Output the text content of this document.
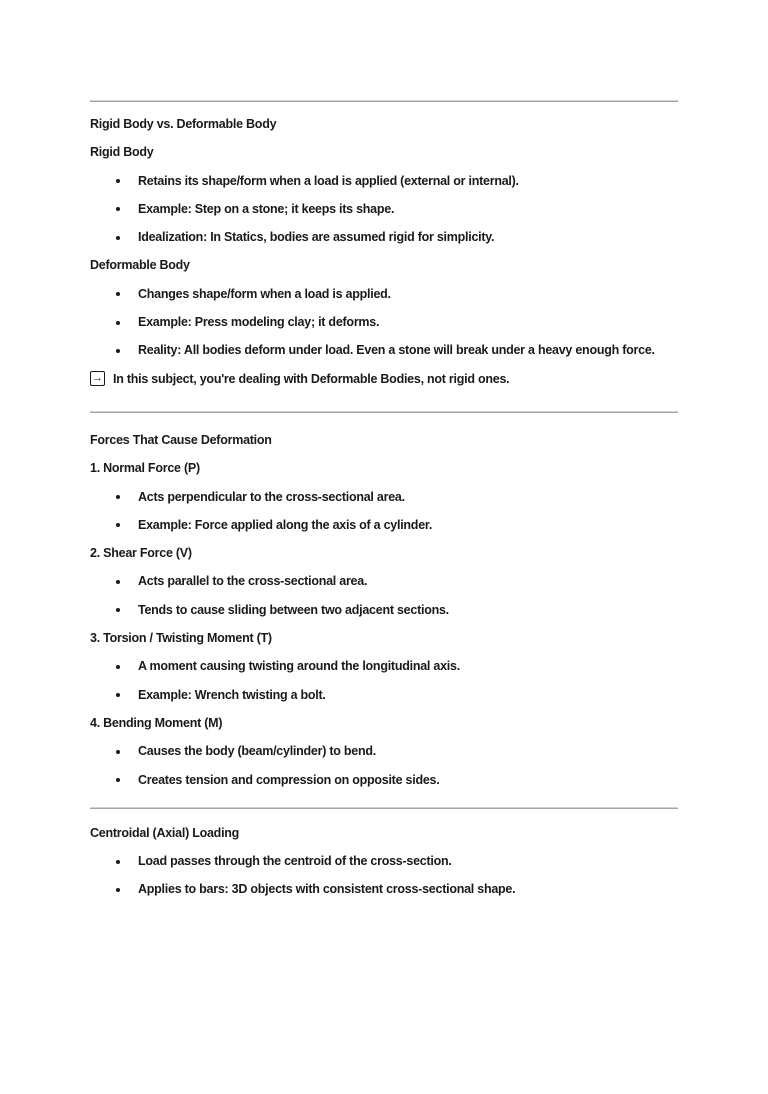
Rigid Body vs. Deformable Body

Rigid Body

Retains its shape/form when a load is applied (external or internal).
Example: Step on a stone; it keeps its shape.
Idealization: In Statics, bodies are assumed rigid for simplicity.

Deformable Body

Changes shape/form when a load is applied.
Example: Press modeling clay; it deforms.
Reality: All bodies deform under load. Even a stone will break under a heavy enough force.

→ In this subject, you're dealing with Deformable Bodies, not rigid ones.

Forces That Cause Deformation

1. Normal Force (P)

Acts perpendicular to the cross-sectional area.
Example: Force applied along the axis of a cylinder.

2. Shear Force (V)

Acts parallel to the cross-sectional area.
Tends to cause sliding between two adjacent sections.

3. Torsion / Twisting Moment (T)

A moment causing twisting around the longitudinal axis.
Example: Wrench twisting a bolt.

4. Bending Moment (M)

Causes the body (beam/cylinder) to bend.
Creates tension and compression on opposite sides.

Centroidal (Axial) Loading

Load passes through the centroid of the cross-section.
Applies to bars: 3D objects with consistent cross-sectional shape.
